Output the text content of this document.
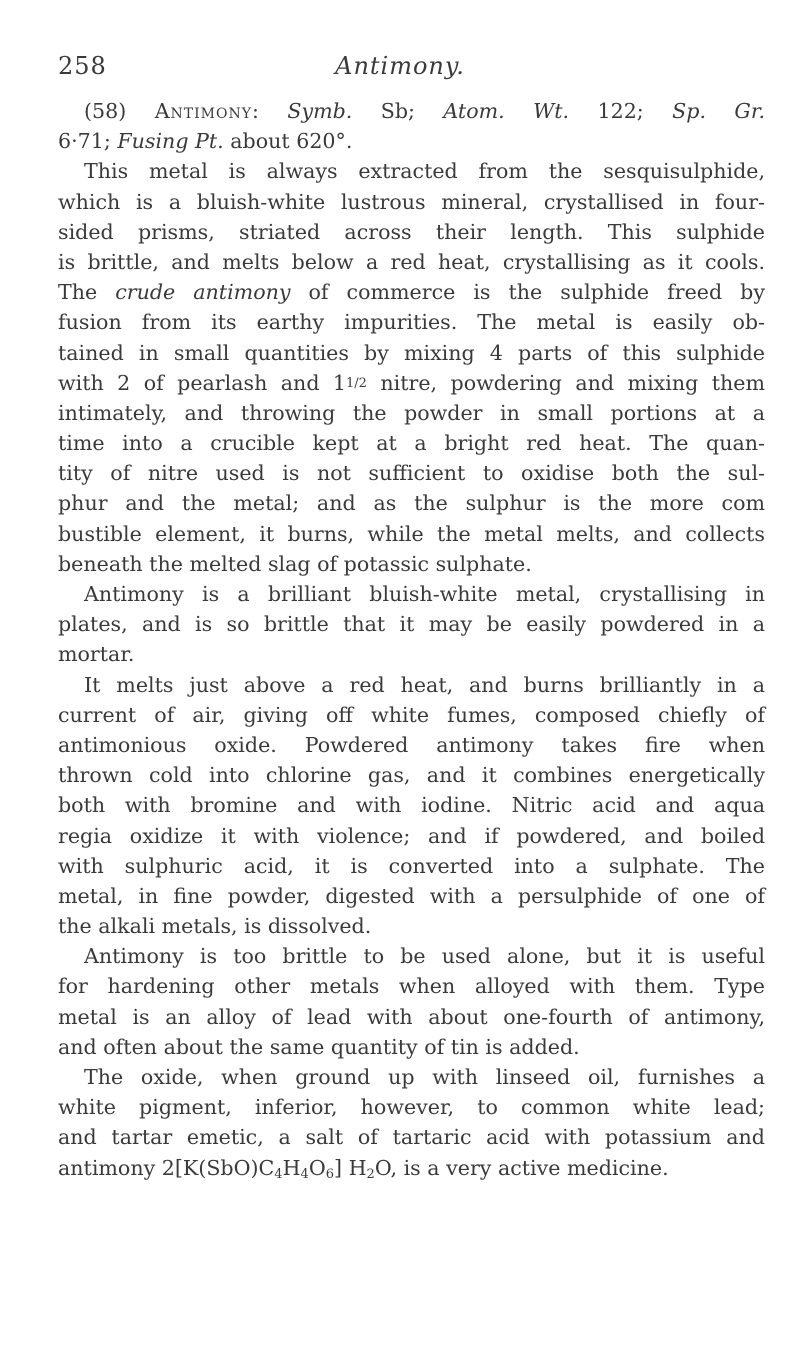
258	Antimony.
(58) Antimony: Symb. Sb; Atom. Wt. 122; Sp. Gr.
6·71; Fusing Pt. about 620°.
This metal is always extracted from the sesquisulphide,
which is a bluish-white lustrous mineral, crystallised in four-
sided prisms, striated across their length. This sulphide
is brittle, and melts below a red heat, crystallising as it cools.
The crude antimony of commerce is the sulphide freed by
fusion from its earthy impurities. The metal is easily ob-
tained in small quantities by mixing 4 parts of this sulphide
with 2 of pearlash and 11/2 nitre, powdering and mixing them
intimately, and throwing the powder in small portions at a
time into a crucible kept at a bright red heat. The quan-
tity of nitre used is not sufficient to oxidise both the sul-
phur and the metal; and as the sulphur is the more com
bustible element, it burns, while the metal melts, and collects
beneath the melted slag of potassic sulphate.
Antimony is a brilliant bluish-white metal, crystallising in
plates, and is so brittle that it may be easily powdered in a
mortar.
It melts just above a red heat, and burns brilliantly in a
current of air, giving off white fumes, composed chiefly of
antimonious oxide. Powdered antimony takes fire when
thrown cold into chlorine gas, and it combines energetically
both with bromine and with iodine. Nitric acid and aqua
regia oxidize it with violence; and if powdered, and boiled
with sulphuric acid, it is converted into a sulphate. The
metal, in fine powder, digested with a persulphide of one of
the alkali metals, is dissolved.
Antimony is too brittle to be used alone, but it is useful
for hardening other metals when alloyed with them. Type
metal is an alloy of lead with about one-fourth of antimony,
and often about the same quantity of tin is added.
The oxide, when ground up with linseed oil, furnishes a
white pigment, inferior, however, to common white lead;
and tartar emetic, a salt of tartaric acid with potassium and
antimony $2[K(SbO)C_4H_4O_6]$ $H_2O$, is a very active medicine.
